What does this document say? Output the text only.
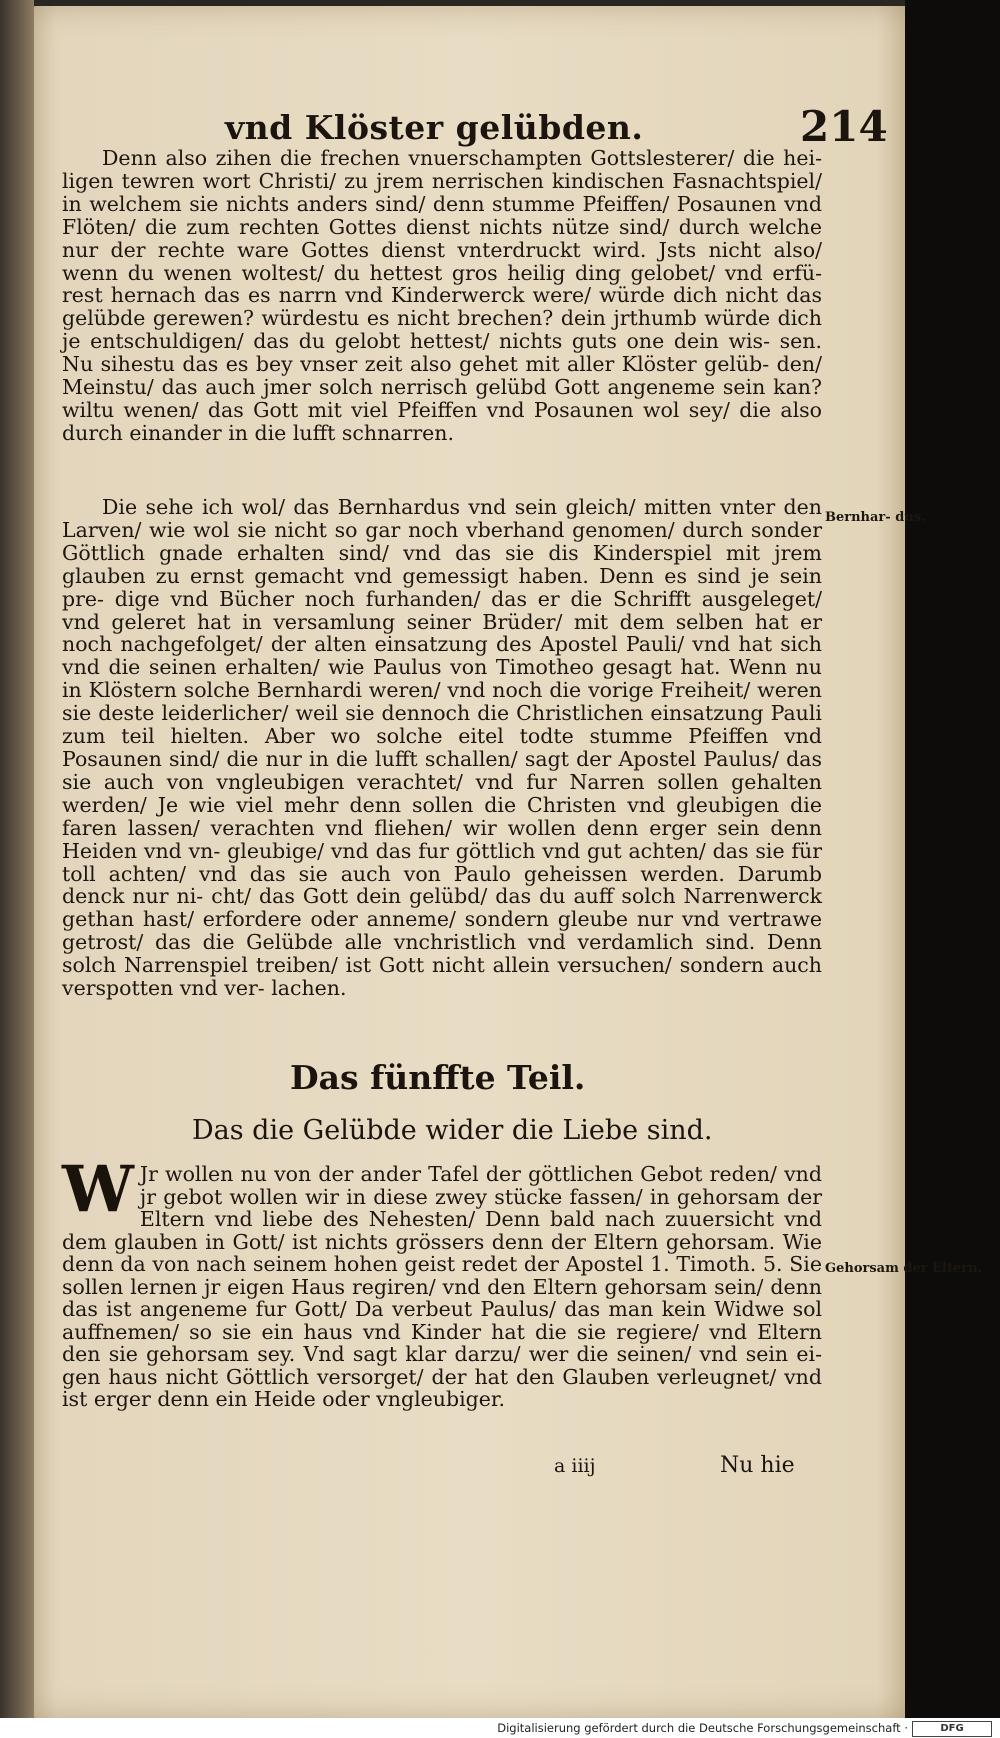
vnd Klöster gelübden.	214

Denn also zihen die frechen vnuerschampten Gottslesterer/ die hei- ligen tewren wort Christi/ zu jrem nerrischen kindischen Fasnachtspiel/ in welchem sie nichts anders sind/ denn stumme Pfeiffen/ Posaunen vnd Flöten/ die zum rechten Gottes dienst nichts nütze sind/ durch welche nur der rechte ware Gottes dienst vnterdruckt wird. Jsts nicht also/ wenn du wenen woltest/ du hettest gros heilig ding gelobet/ vnd erfü- rest hernach das es narrn vnd Kinderwerck were/ würde dich nicht das gelübde gerewen? würdestu es nicht brechen? dein jrthumb würde dich je entschuldigen/ das du gelobt hettest/ nichts guts one dein wis- sen. Nu sihestu das es bey vnser zeit also gehet mit aller Klöster gelüb- den/ Meinstu/ das auch jmer solch nerrisch gelübd Gott angeneme sein kan? wiltu wenen/ das Gott mit viel Pfeiffen vnd Posaunen wol sey/ die also durch einander in die lufft schnarren.

Die sehe ich wol/ das Bernhardus vnd sein gleich/ mitten vnter den Larven/ wie wol sie nicht so gar noch vberhand genomen/ durch sonder Göttlich gnade erhalten sind/ vnd das sie dis Kinderspiel mit jrem glauben zu ernst gemacht vnd gemessigt haben. Denn es sind je sein pre- dige vnd Bücher noch furhanden/ das er die Schrifft ausgeleget/ vnd geleret hat in versamlung seiner Brüder/ mit dem selben hat er noch nachgefolget/ der alten einsatzung des Apostel Pauli/ vnd hat sich vnd die seinen erhalten/ wie Paulus von Timotheo gesagt hat. Wenn nu in Klöstern solche Bernhardi weren/ vnd noch die vorige Freiheit/ weren sie deste leiderlicher/ weil sie dennoch die Christlichen einsatzung Pauli zum teil hielten. Aber wo solche eitel todte stumme Pfeiffen vnd Posaunen sind/ die nur in die lufft schallen/ sagt der Apostel Paulus/ das sie auch von vngleubigen verachtet/ vnd fur Narren sollen gehalten werden/ Je wie viel mehr denn sollen die Christen vnd gleubigen die faren lassen/ verachten vnd fliehen/ wir wollen denn erger sein denn Heiden vnd vn- gleubige/ vnd das fur göttlich vnd gut achten/ das sie für toll achten/ vnd das sie auch von Paulo geheissen werden. Darumb denck nur ni- cht/ das Gott dein gelübd/ das du auff solch Narrenwerck gethan hast/ erfordere oder anneme/ sondern gleube nur vnd vertrawe getrost/ das die Gelübde alle vnchristlich vnd verdamlich sind. Denn solch Narrenspiel treiben/ ist Gott nicht allein versuchen/ sondern auch verspotten vnd ver- lachen.

Bernhar- dus.
Das fünffte Teil.
Das die Gelübde wider die Liebe sind.
W Jr wollen nu von der ander Tafel der göttlichen Gebot reden/ vnd jr gebot wollen wir in diese zwey stücke fassen/ in gehorsam der Eltern vnd liebe des Nehesten/ Denn bald nach zuuersicht vnd dem glauben in Gott/ ist nichts grössers denn der Eltern gehorsam. Wie denn da von nach seinem hohen geist redet der Apostel 1. Timoth. 5. Sie sollen lernen jr eigen Haus regiren/ vnd den Eltern gehorsam sein/ denn das ist angeneme fur Gott/ Da verbeut Paulus/ das man kein Widwe sol auffnemen/ so sie ein haus vnd Kinder hat die sie regiere/ vnd Eltern den sie gehorsam sey. Vnd sagt klar darzu/ wer die seinen/ vnd sein ei- gen haus nicht Göttlich versorget/ der hat den Glauben verleugnet/ vnd ist erger denn ein Heide oder vngleubiger.

Gehorsam der Eltern.
a iiij	Nu hie
Digitalisierung gefördert durch die Deutsche Forschungsgemeinschaft ·	DFG
